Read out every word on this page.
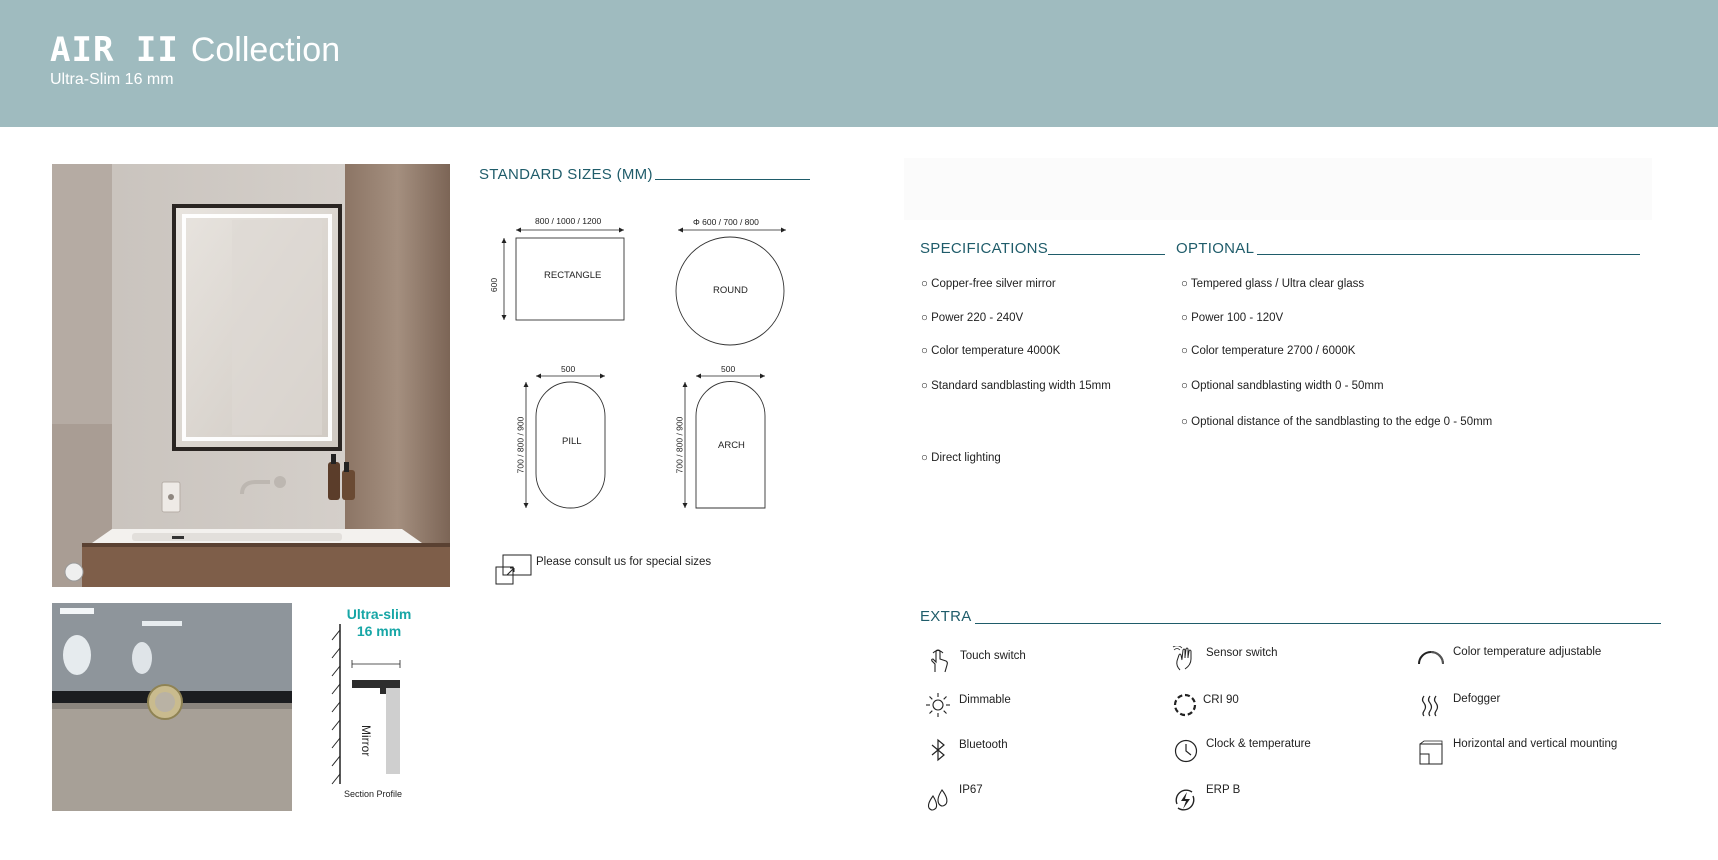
AIR II Collection
Ultra-Slim 16 mm
Ultra-slim
16 mm
Mirror
Section Profile
STANDARD SIZES (MM)
800 / 1000 / 1200
600
RECTANGLE
Φ 600 / 700 / 800
ROUND
500
700 / 800 / 900	PILL
500
700 / 800 / 900	ARCH
Please consult us for special sizes
SPECIFICATIONS
○ Copper-free silver mirror
○ Power 220 - 240V
○ Color temperature 4000K
○ Standard sandblasting width 15mm
○ Direct lighting
OPTIONAL
○ Tempered glass / Ultra clear glass
○ Power 100 - 120V
○ Color temperature 2700 / 6000K
○ Optional sandblasting width 0 - 50mm
○ Optional distance of the sandblasting to the edge 0 - 50mm
EXTRA
Touch switch	Sensor switch	Color temperature adjustable
Dimmable	CRI 90	Defogger
Bluetooth	Clock & temperature	Horizontal and vertical mounting
IP67	ERP B
